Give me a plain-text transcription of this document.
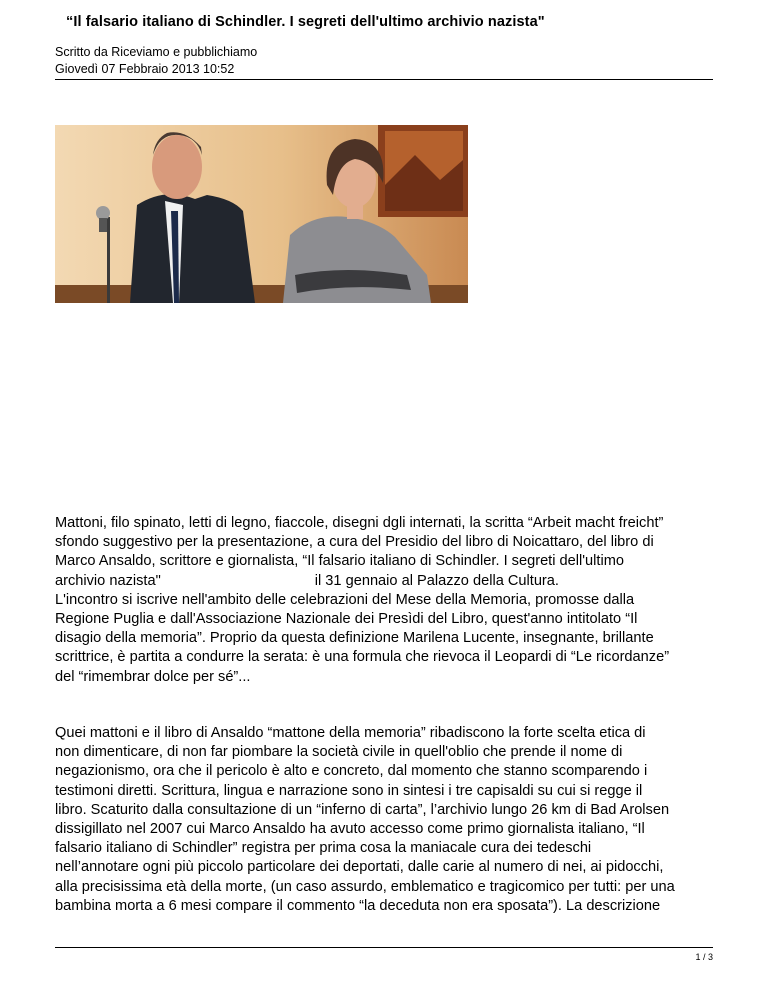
“Il falsario italiano di Schindler. I segreti dell'ultimo archivio nazista"
Scritto da Riceviamo e pubblichiamo
Giovedì 07 Febbraio 2013 10:52
Mattoni, filo spinato, letti di legno, fiaccole, disegni dgli internati, la scritta “Arbeit macht freicht”
sfondo suggestivo per la presentazione, a cura del Presidio del libro di Noicattaro, del libro di
Marco Ansaldo, scrittore e giornalista, “Il falsario italiano di Schindler. I segreti dell'ultimo
archivio nazista"	il 31 gennaio al Palazzo della Cultura.
L'incontro si iscrive nell'ambito delle celebrazioni del Mese della Memoria, promosse dalla
Regione Puglia e dall'Associazione Nazionale dei Presìdi del Libro, quest'anno intitolato “Il
disagio della memoria”. Proprio da questa definizione Marilena Lucente, insegnante, brillante
scrittrice, è partita a condurre la serata: è una formula che rievoca il Leopardi di “Le ricordanze”
del “rimembrar dolce per sé”...
Quei mattoni e il libro di Ansaldo “mattone della memoria” ribadiscono la forte scelta etica di
non dimenticare, di non far piombare la società civile in quell'oblio che prende il nome di
negazionismo, ora che il pericolo è alto e concreto, dal momento che stanno scomparendo i
testimoni diretti. Scrittura, lingua e narrazione sono in sintesi i tre capisaldi su cui si regge il
libro. Scaturito dalla consultazione di un “inferno di carta”, l’archivio lungo 26 km di Bad Arolsen
dissigillato nel 2007 cui Marco Ansaldo ha avuto accesso come primo giornalista italiano, “Il
falsario italiano di Schindler” registra per prima cosa la maniacale cura dei tedeschi
nell’annotare ogni più piccolo particolare dei deportati, dalle carie al numero di nei, ai pidocchi,
alla precisissima età della morte, (un caso assurdo, emblematico e tragicomico per tutti: per una
bambina morta a 6 mesi compare il commento “la deceduta non era sposata”). La descrizione
1 / 3
